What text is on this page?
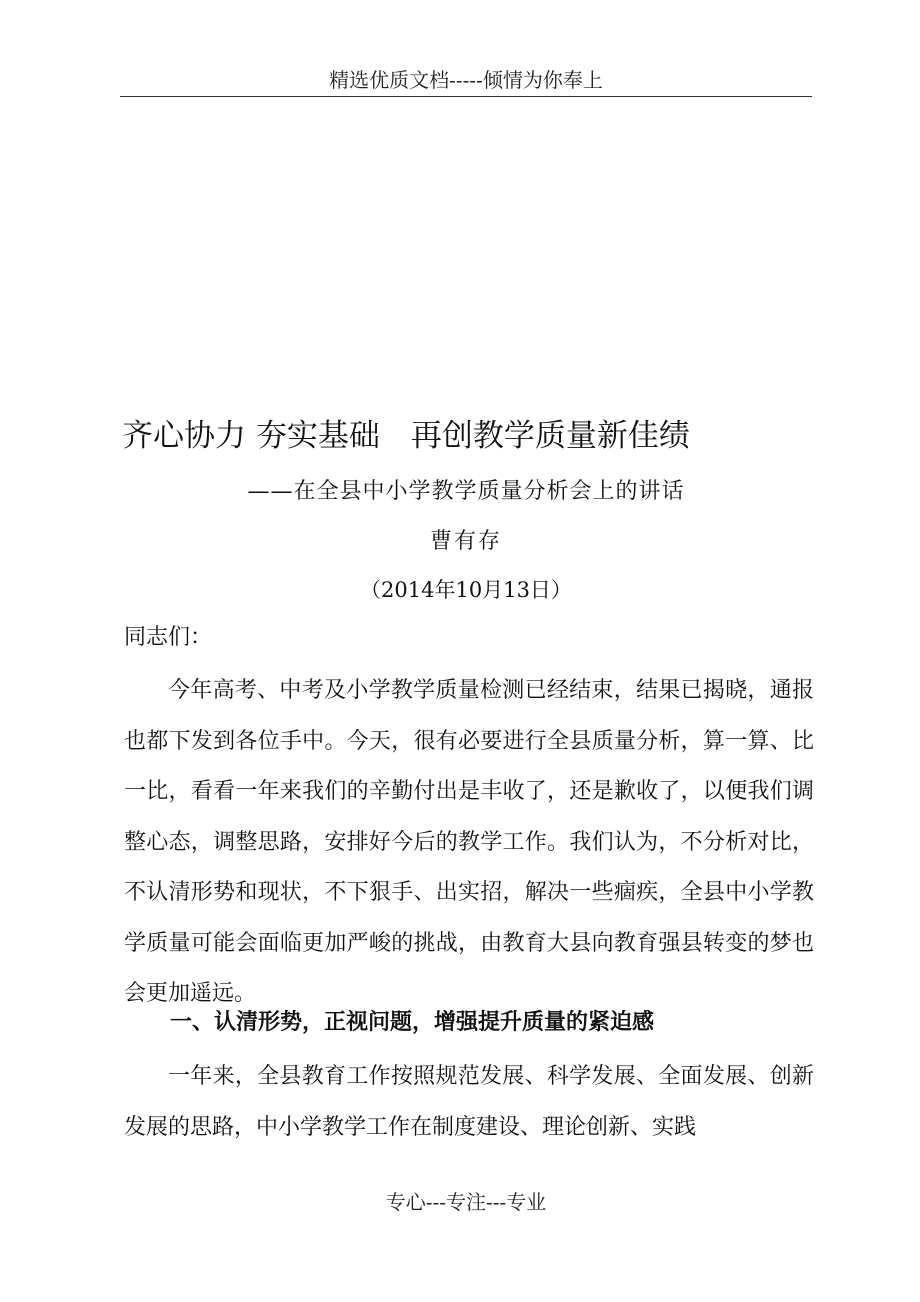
精选优质文档-----倾情为你奉上
齐心协力 夯实基础　再创教学质量新佳绩
——在全县中小学教学质量分析会上的讲话
曹有存
（2014年10月13日）
同志们：

今年高考、中考及小学教学质量检测已经结束，结果已揭晓，通报也都下发到各位手中。今天，很有必要进行全县质量分析，算一算、比一比，看看一年来我们的辛勤付出是丰收了，还是歉收了，以便我们调整心态，调整思路，安排好今后的教学工作。我们认为，不分析对比，不认清形势和现状，不下狠手、出实招，解决一些痼疾，全县中小学教学质量可能会面临更加严峻的挑战，由教育大县向教育强县转变的梦也会更加遥远。

一、认清形势，正视问题，增强提升质量的紧迫感

一年来，全县教育工作按照规范发展、科学发展、全面发展、创新发展的思路，中小学教学工作在制度建设、理论创新、实践

专心---专注---专业
